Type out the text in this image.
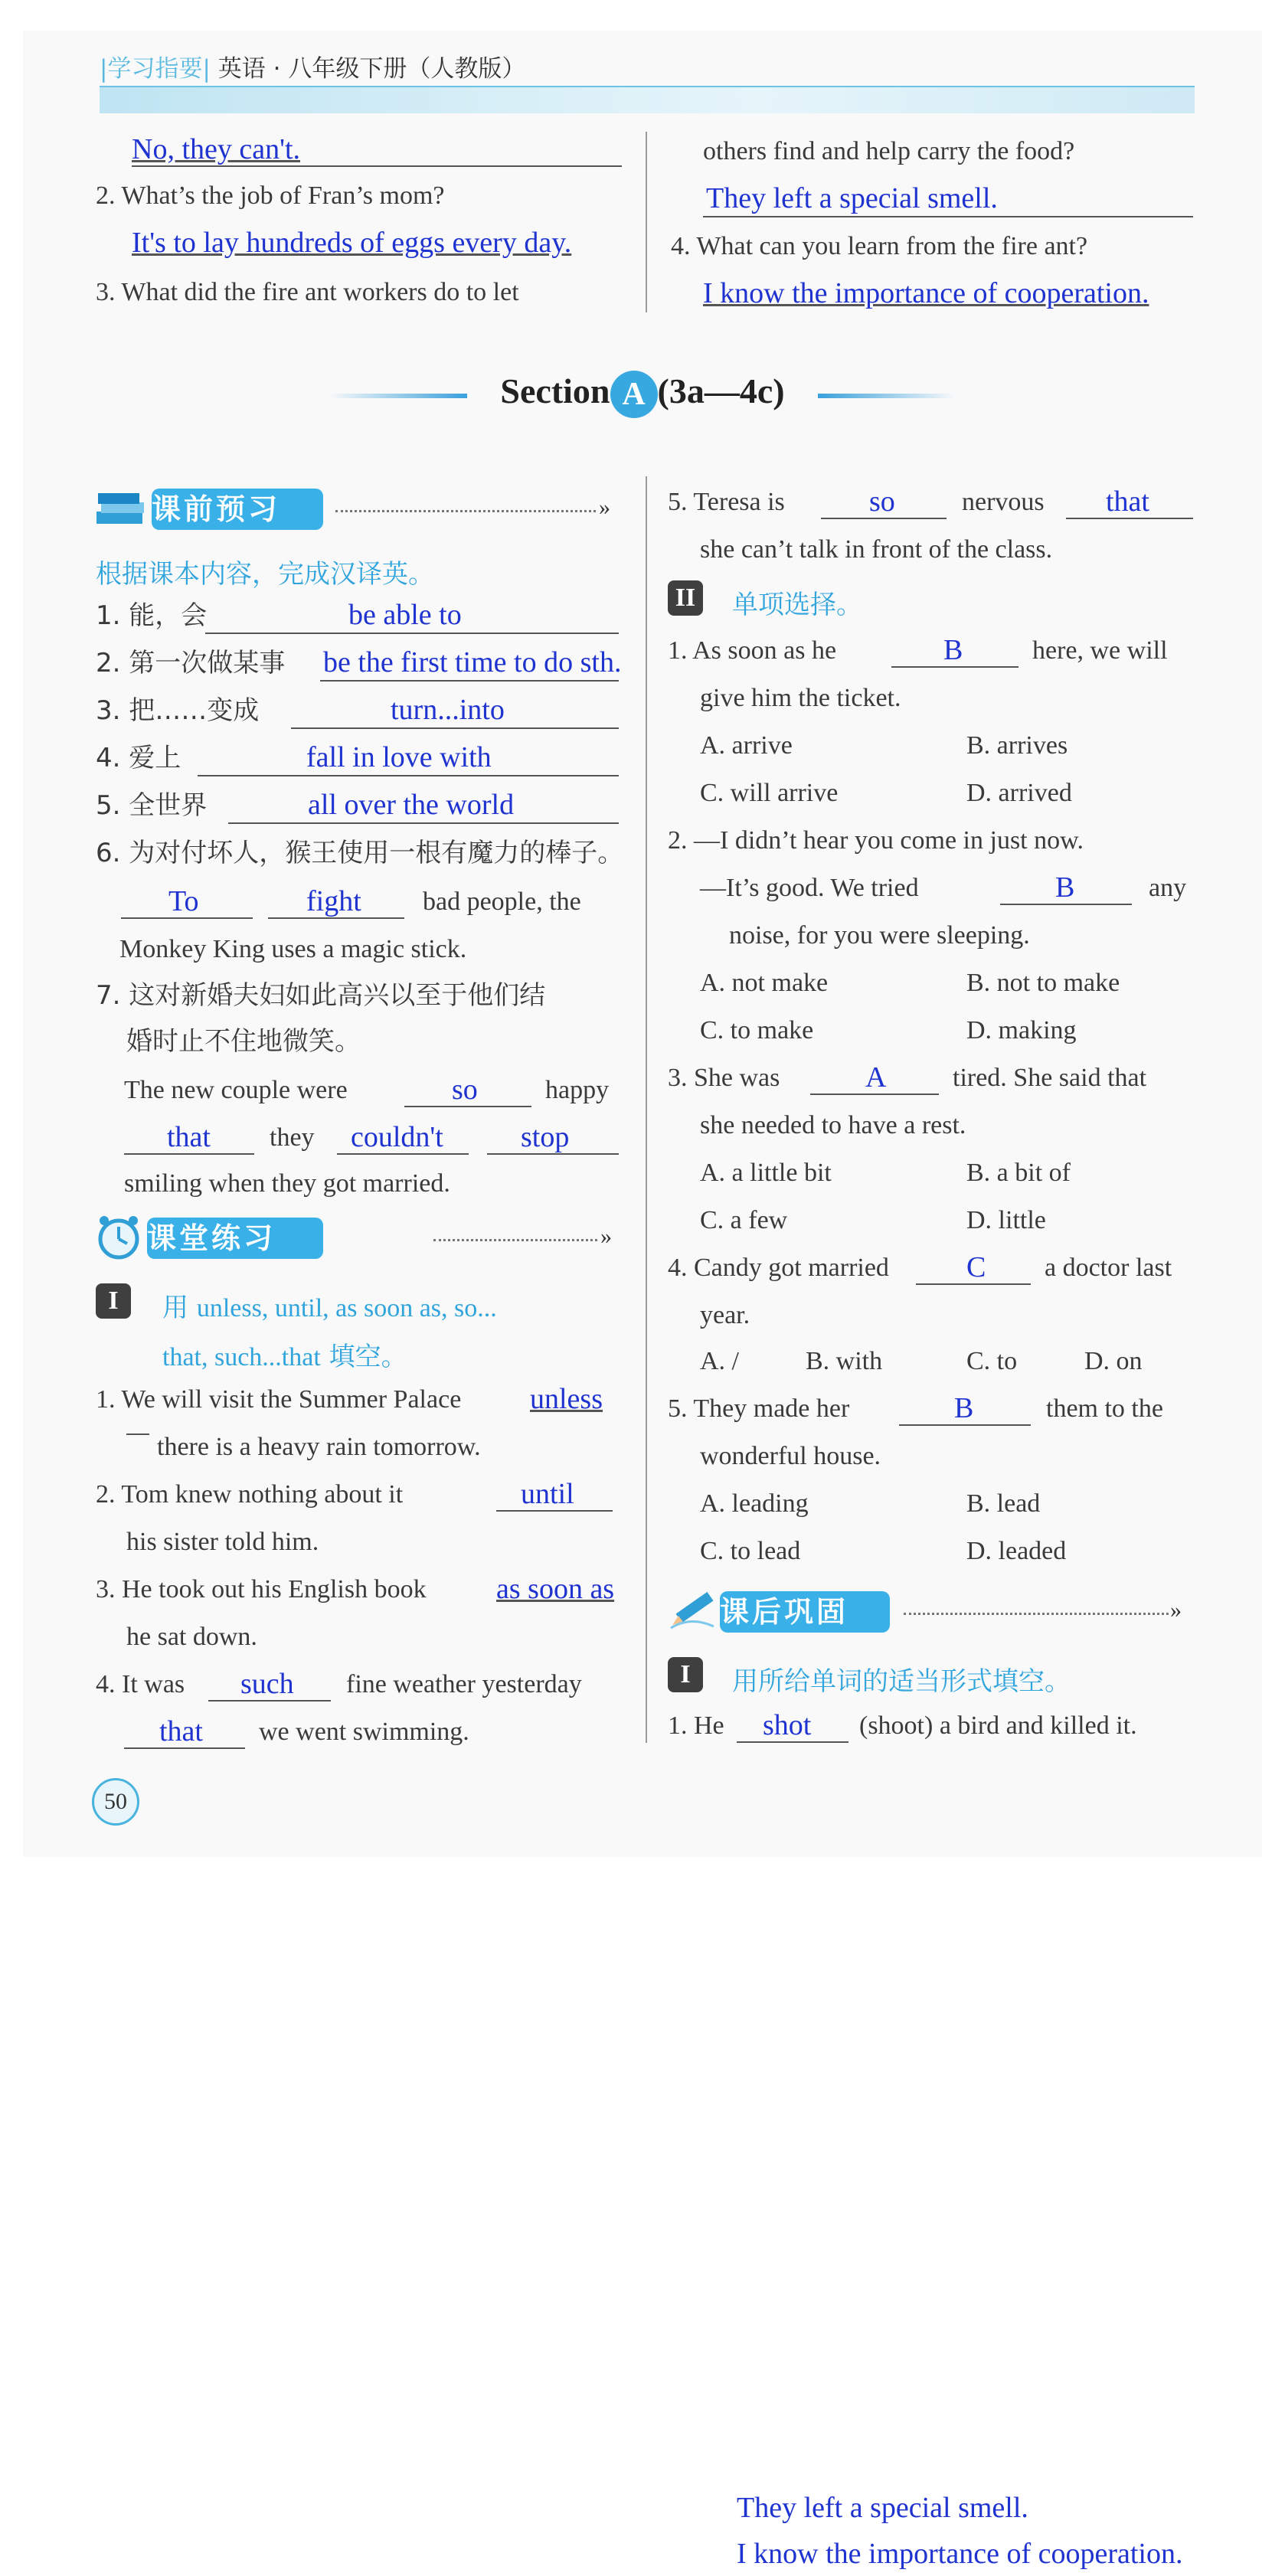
|学习指要| 英语 · 八年级下册（人教版）
No, they can't.
2. What’s the job of Fran’s mom?
It's to lay hundreds of eggs every day.
3. What did the fire ant workers do to let
others find and help carry the food?
They left a special smell.
4. What can you learn from the fire ant?
I know the importance of cooperation.
Section A (3a—4c)
课前预习	»
根据课本内容，完成汉译英。
1. 能，会	be able to
2. 第一次做某事 be the first time to do sth.
3. 把……变成	turn...into
4. 爱上	fall in love with
5. 全世界	all over the world
6. 为对付坏人，猴王使用一根有魔力的棒子。
To	fight bad people, the
Monkey King uses a magic stick.
7. 这对新婚夫妇如此高兴以至于他们结
婚时止不住地微笑。
The new couple were	so	happy
that they couldn't	stop
smiling when they got married.
课堂练习	»
I	用 unless, until, as soon as, so...
that, such...that 填空。
1. We will visit the Summer Palace unless
there is a heavy rain tomorrow.
2. Tom knew nothing about it	until
his sister told him.
3. He took out his English book as soon as
he sat down.
4. It was such fine weather yesterday
that we went swimming.
5. Teresa is	so	nervous that
she can’t talk in front of the class.
II 单项选择。
1. As soon as he	B	here, we will
give him the ticket.
A. arrive	B. arrives
C. will arrive	D. arrived
2. —I didn’t hear you come in just now.
—It’s good. We tried	B	any
noise, for you were sleeping.
A. not make	B. not to make
C. to make	D. making
3. She was	A	tired. She said that
she needed to have a rest.
A. a little bit	B. a bit of
C. a few	D. little
4. Candy got married	C a doctor last
year.
A. /	B. with	C. to	D. on
5. They made her	B	them to the
wonderful house.
A. leading	B. lead
C. to lead	D. leaded
课后巩固	»
I	用所给单词的适当形式填空。
1. He shot (shoot) a bird and killed it.
50
They left a special smell.
I know the importance of cooperation.
